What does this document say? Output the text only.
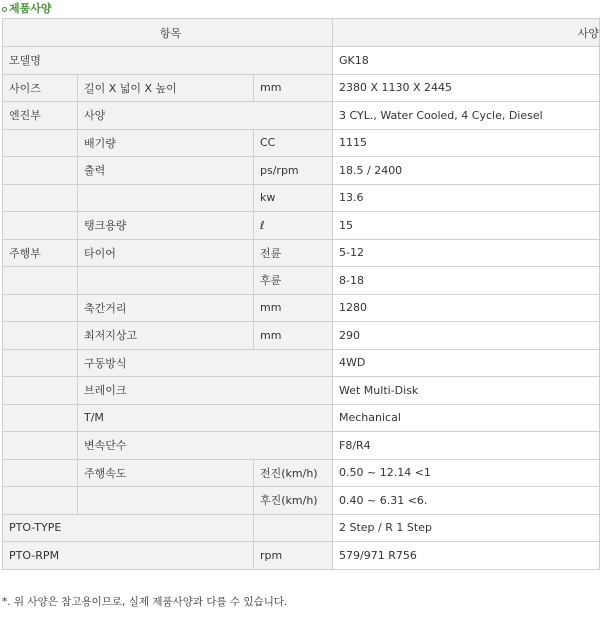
제품사양
항목			사양
모델명			GK18
사이즈	길이 X 넓이 X 높이	mm	2380 X 1130 X 2445
엔진부	사양		3 CYL., Water Cooled, 4 Cycle, Diesel
	배기량	CC	1115
	출력	ps/rpm	18.5 / 2400
		kw	13.6
	탱크용량	ℓ	15
주행부	타이어	전륜	5-12
		후륜	8-18
	축간거리	mm	1280
	최저지상고	mm	290
	구동방식		4WD
	브레이크		Wet Multi-Disk
	T/M		Mechanical
	변속단수		F8/R4
	주행속도	전진(km/h)	0.50 ~ 12.14 <1
		후진(km/h)	0.40 ~ 6.31 <6.
PTO-TYPE			2 Step / R 1 Step
PTO-RPM		rpm	579/971 R756
*. 위 사양은 참고용이므로, 실제 제품사양과 다를 수 있습니다.
